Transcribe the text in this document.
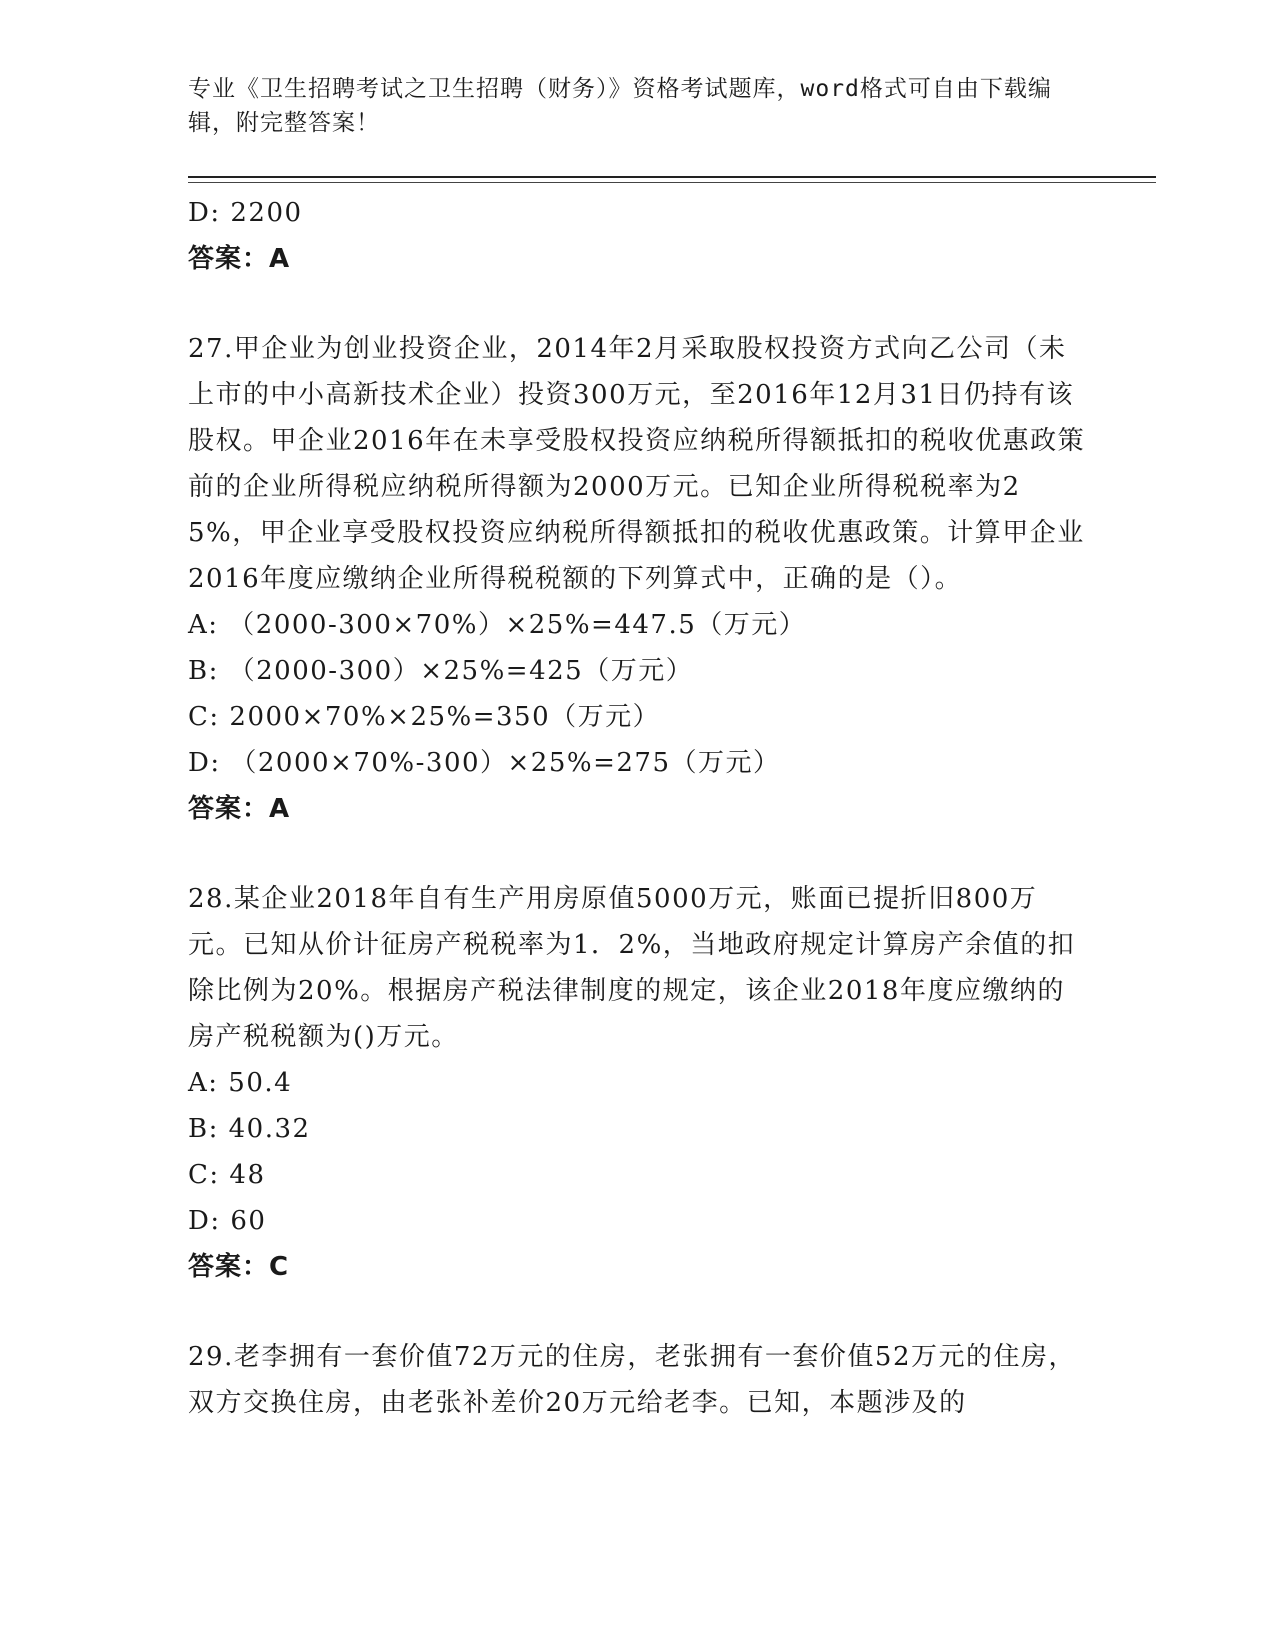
专业《卫生招聘考试之卫生招聘（财务）》资格考试题库，word格式可自由下载编辑，附完整答案！
D: 2200
答案：A
27.甲企业为创业投资企业，2014年2月采取股权投资方式向乙公司（未上市的中小高新技术企业）投资300万元，至2016年12月31日仍持有该股权。甲企业2016年在未享受股权投资应纳税所得额抵扣的税收优惠政策前的企业所得税应纳税所得额为2000万元。已知企业所得税税率为25%，甲企业享受股权投资应纳税所得额抵扣的税收优惠政策。计算甲企业2016年度应缴纳企业所得税税额的下列算式中，正确的是（）。
A: （2000-300×70%）×25%=447.5（万元）
B: （2000-300）×25%=425（万元）
C: 2000×70%×25%=350（万元）
D: （2000×70%-300）×25%=275（万元）
答案：A
28.某企业2018年自有生产用房原值5000万元，账面已提折旧800万元。已知从价计征房产税税率为1．2%，当地政府规定计算房产余值的扣除比例为20%。根据房产税法律制度的规定，该企业2018年度应缴纳的房产税税额为()万元。
A: 50.4
B: 40.32
C: 48
D: 60
答案：C
29.老李拥有一套价值72万元的住房，老张拥有一套价值52万元的住房，双方交换住房，由老张补差价20万元给老李。已知，本题涉及的
